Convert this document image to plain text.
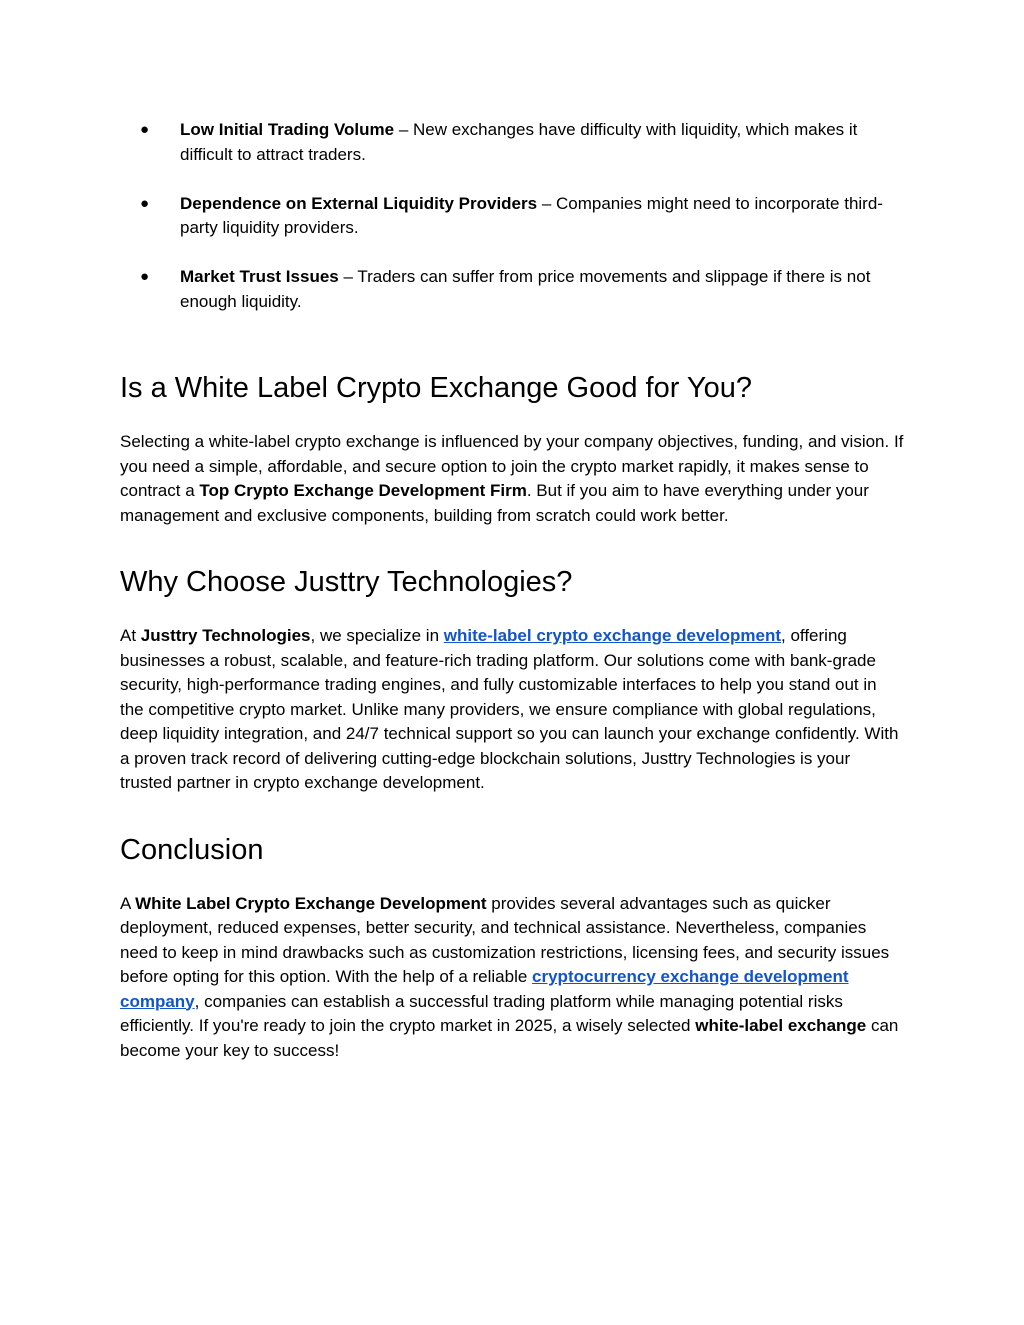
● Low Initial Trading Volume – New exchanges have difficulty with liquidity, which makes it difficult to attract traders.
● Dependence on External Liquidity Providers – Companies might need to incorporate third-party liquidity providers.
● Market Trust Issues – Traders can suffer from price movements and slippage if there is not enough liquidity.
Is a White Label Crypto Exchange Good for You?

Selecting a white-label crypto exchange is influenced by your company objectives, funding, and vision. If you need a simple, affordable, and secure option to join the crypto market rapidly, it makes sense to contract a Top Crypto Exchange Development Firm. But if you aim to have everything under your management and exclusive components, building from scratch could work better.

Why Choose Justtry Technologies?

At Justtry Technologies, we specialize in white-label crypto exchange development, offering businesses a robust, scalable, and feature-rich trading platform. Our solutions come with bank-grade security, high-performance trading engines, and fully customizable interfaces to help you stand out in the competitive crypto market. Unlike many providers, we ensure compliance with global regulations, deep liquidity integration, and 24/7 technical support so you can launch your exchange confidently. With a proven track record of delivering cutting-edge blockchain solutions, Justtry Technologies is your trusted partner in crypto exchange development.

Conclusion

A White Label Crypto Exchange Development provides several advantages such as quicker deployment, reduced expenses, better security, and technical assistance. Nevertheless, companies need to keep in mind drawbacks such as customization restrictions, licensing fees, and security issues before opting for this option. With the help of a reliable cryptocurrency exchange development company, companies can establish a successful trading platform while managing potential risks efficiently. If you're ready to join the crypto market in 2025, a wisely selected white-label exchange can become your key to success!
